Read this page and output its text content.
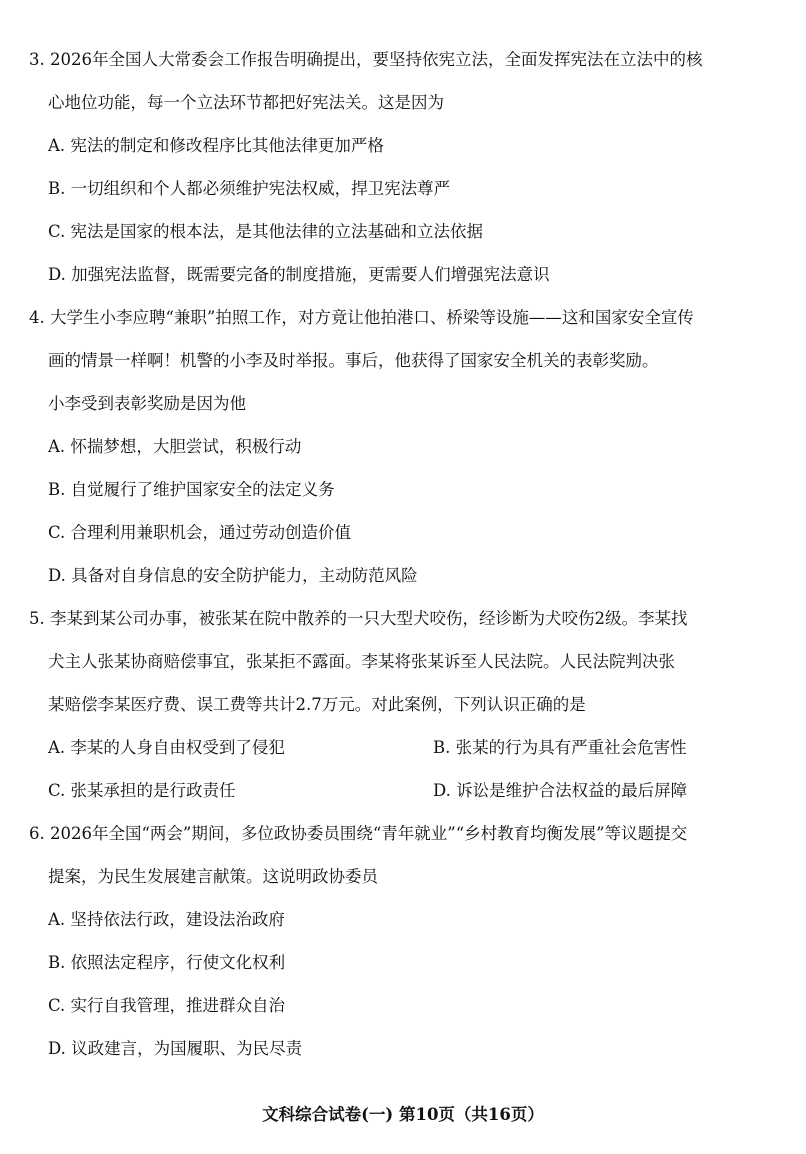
3. 2026年全国人大常委会工作报告明确提出，要坚持依宪立法，全面发挥宪法在立法中的核
心地位功能，每一个立法环节都把好宪法关。这是因为
A. 宪法的制定和修改程序比其他法律更加严格
B. 一切组织和个人都必须维护宪法权威，捍卫宪法尊严
C. 宪法是国家的根本法，是其他法律的立法基础和立法依据
D. 加强宪法监督，既需要完备的制度措施，更需要人们增强宪法意识
4. 大学生小李应聘“兼职”拍照工作，对方竟让他拍港口、桥梁等设施——这和国家安全宣传
画的情景一样啊！机警的小李及时举报。事后，他获得了国家安全机关的表彰奖励。
小李受到表彰奖励是因为他
A. 怀揣梦想，大胆尝试，积极行动
B. 自觉履行了维护国家安全的法定义务
C. 合理利用兼职机会，通过劳动创造价值
D. 具备对自身信息的安全防护能力，主动防范风险
5. 李某到某公司办事，被张某在院中散养的一只大型犬咬伤，经诊断为犬咬伤2级。李某找
犬主人张某协商赔偿事宜，张某拒不露面。李某将张某诉至人民法院。人民法院判决张
某赔偿李某医疗费、误工费等共计2.7万元。对此案例，下列认识正确的是
A. 李某的人身自由权受到了侵犯	B. 张某的行为具有严重社会危害性
C. 张某承担的是行政责任	D. 诉讼是维护合法权益的最后屏障
6. 2026年全国“两会”期间，多位政协委员围绕“青年就业”“乡村教育均衡发展”等议题提交
提案，为民生发展建言献策。这说明政协委员
A. 坚持依法行政，建设法治政府
B. 依照法定程序，行使文化权利
C. 实行自我管理，推进群众自治
D. 议政建言，为国履职、为民尽责
文科综合试卷(一) 第10页（共16页）
